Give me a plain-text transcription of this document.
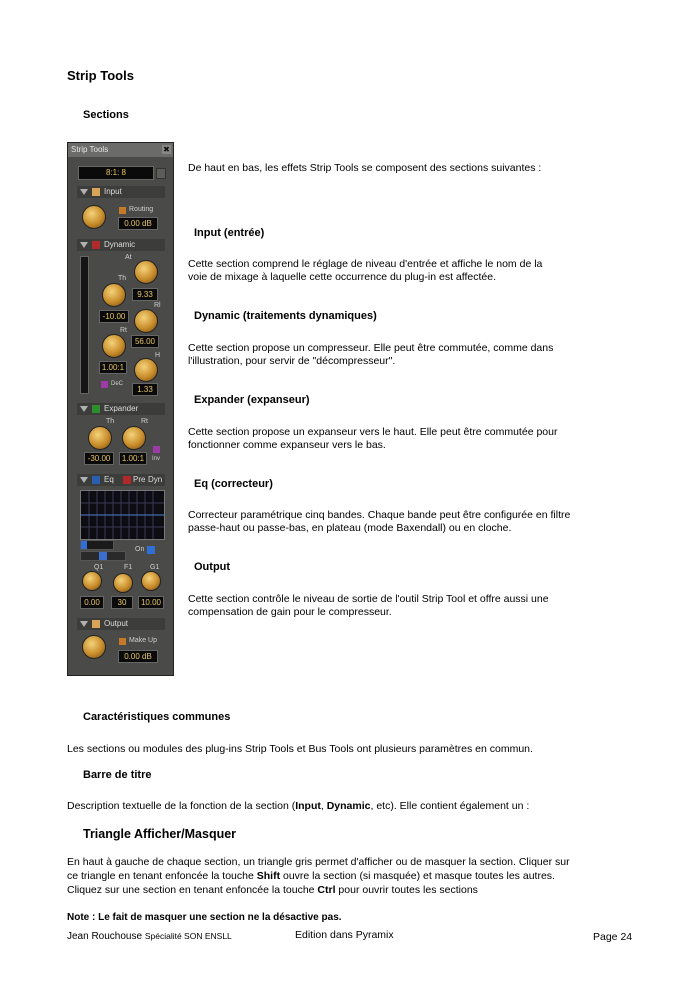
Strip Tools
Sections
De haut en bas, les effets Strip Tools se composent des sections suivantes :
Input (entrée)
Cette section comprend le réglage de niveau d'entrée et affiche le nom de la
voie de mixage à laquelle cette occurrence du plug-in est affectée.
Dynamic (traitements dynamiques)
Cette section propose un compresseur. Elle peut être commutée, comme dans
l'illustration, pour servir de "décompresseur".
Expander (expanseur)
Cette section propose un expanseur vers le haut. Elle peut être commutée pour
fonctionner comme expanseur vers le bas.
Eq (correcteur)
Correcteur paramétrique cinq bandes. Chaque bande peut être configurée en filtre
passe-haut ou passe-bas, en plateau (mode Baxendall) ou en cloche.
Output
Cette section contrôle le niveau de sortie de l'outil Strip Tool et offre aussi une
compensation de gain pour le compresseur.
Caractéristiques communes
Les sections ou modules des plug-ins Strip Tools et Bus Tools ont plusieurs paramètres en commun.
Barre de titre
Description textuelle de la fonction de la section (Input, Dynamic, etc). Elle contient également un :
Triangle Afficher/Masquer
En haut à gauche de chaque section, un triangle gris permet d'afficher ou de masquer la section. Cliquer sur
ce triangle en tenant enfoncée la touche Shift ouvre la section (si masquée) et masque toutes les autres.
Cliquez sur une section en tenant enfoncée la touche Ctrl pour ouvrir toutes les sections
Note : Le fait de masquer une section ne la désactive pas.
Jean Rouchouse Spécialité SON ENSLL	Edition dans Pyramix	Page 24
Strip Tools	✖
8:1: 8
Input
Routing
0.00 dB
Dynamic
At
9.33
Th
-10.00
Rl
56.00
Rt
1.00:1
H
1.33
DeC
Expander
Th
-30.00
Rt
1.00:1	Inv
Eq Pre Dyn
On
Q1
0.00
F1
30
G1
10.00
Output
Make Up
0.00 dB
